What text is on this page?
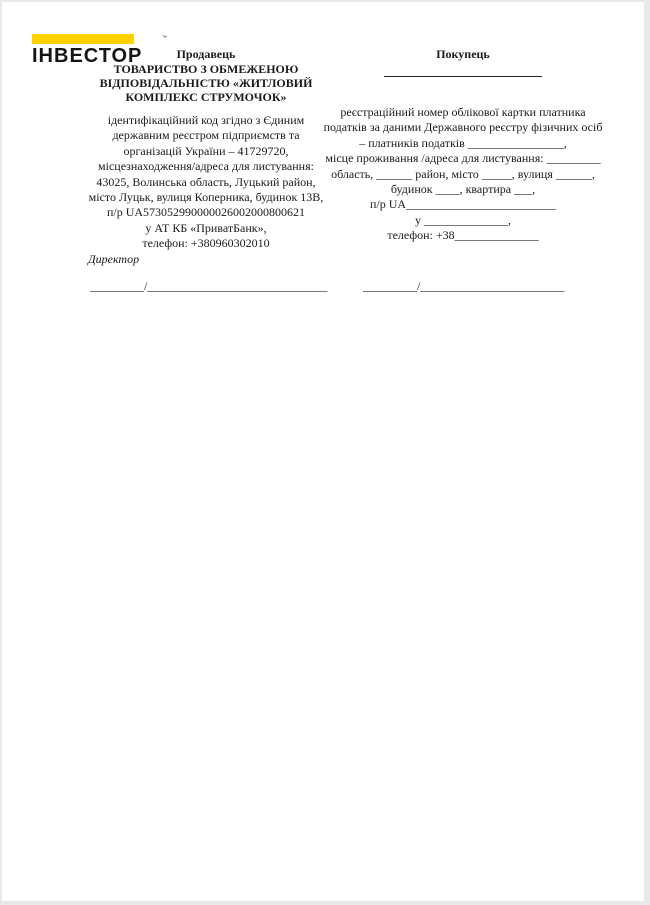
ІНВЕСТОР
™
Продавець
ТОВАРИСТВО З ОБМЕЖЕНОЮ
ВІДПОВІДАЛЬНІСТЮ «ЖИТЛОВИЙ
КОМПЛЕКС СТРУМОЧОК»
ідентифікаційний код згідно з Єдиним
державним реєстром підприємств та
організацій України – 41729720,
місцезнаходження/адреса для листування:
43025, Волинська область, Луцький район,
місто Луцьк, вулиця Коперника, будинок 13В,
п/р UA573052990000026002000800621
у АТ КБ «ПриватБанк»,
телефон: +380960302010
Покупець
реєстраційний номер облікової картки платника
податків за даними Державного реєстру фізичних осіб
– платників податків ________________,
місце проживання /адреса для листування: _________
область, ______ район, місто _____, вулиця ______,
будинок ____, квартира ___,
п/р UA_________________________
у ______________,
телефон: +38______________
Директор
_________/______________________________	_________/________________________
